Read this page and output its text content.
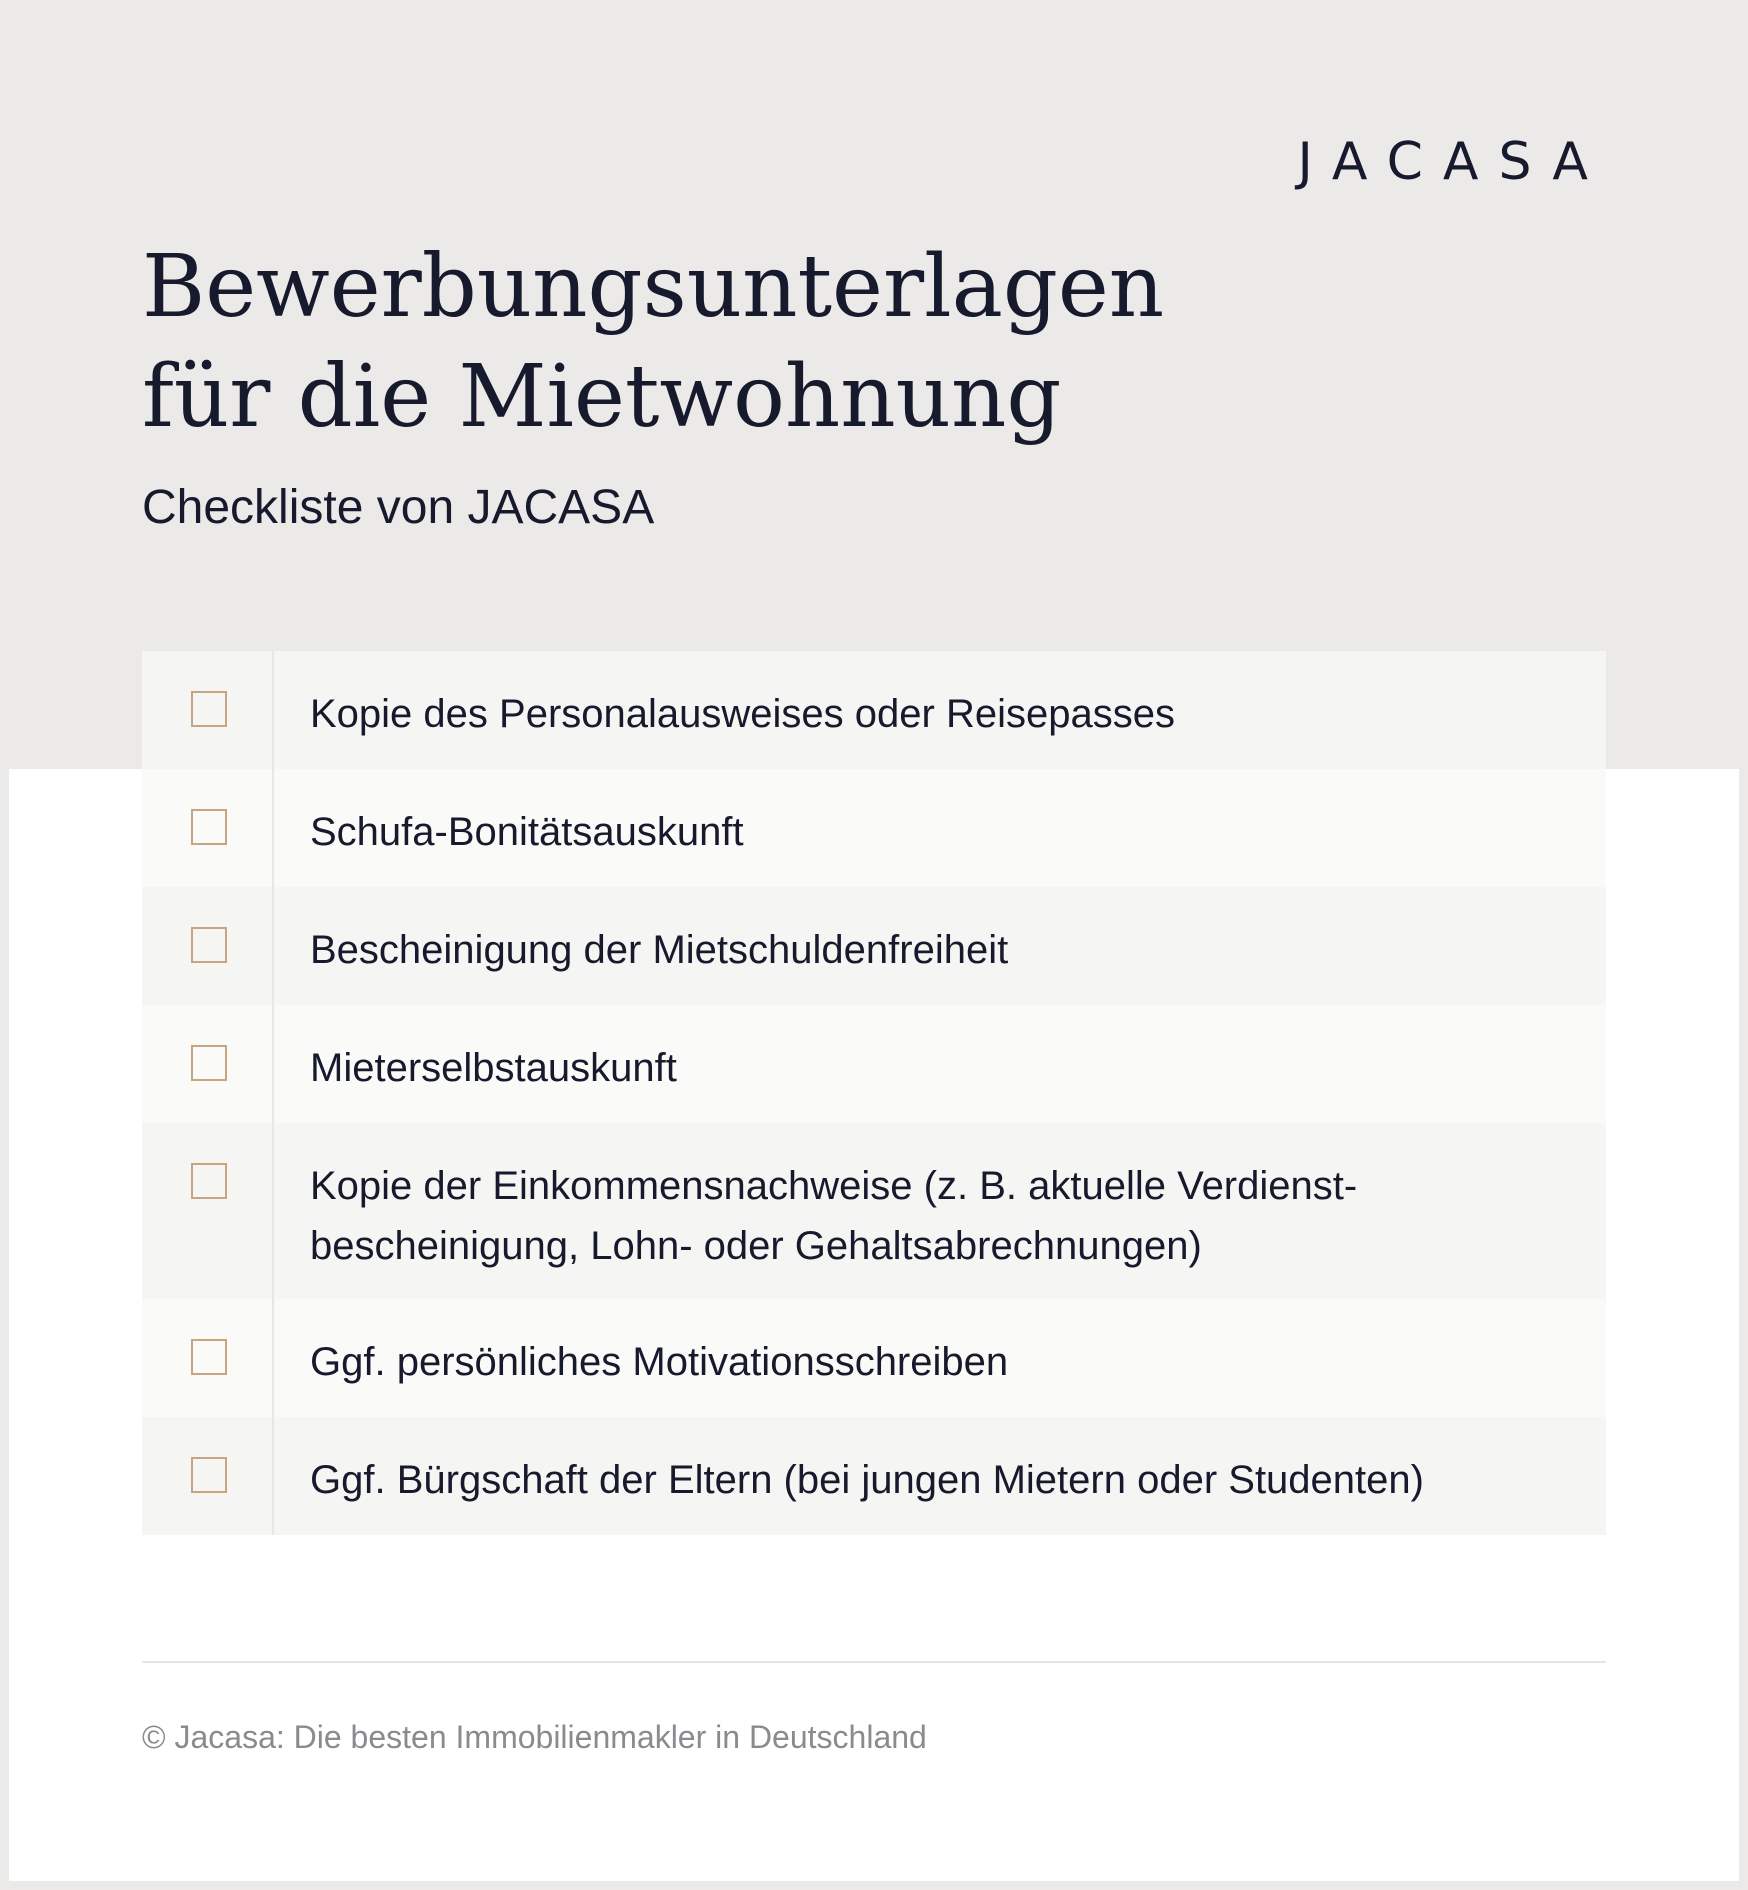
JACASA
Bewerbungsunterlagen
für die Mietwohnung
Checkliste von JACASA
Kopie des Personalausweises oder Reisepasses
Schufa-Bonitätsauskunft
Bescheinigung der Mietschuldenfreiheit
Mieterselbstauskunft
Kopie der Einkommensnachweise (z. B. aktuelle Verdienst-
bescheinigung, Lohn- oder Gehaltsabrechnungen)
Ggf. persönliches Motivationsschreiben
Ggf. Bürgschaft der Eltern (bei jungen Mietern oder Studenten)
© Jacasa: Die besten Immobilienmakler in Deutschland
